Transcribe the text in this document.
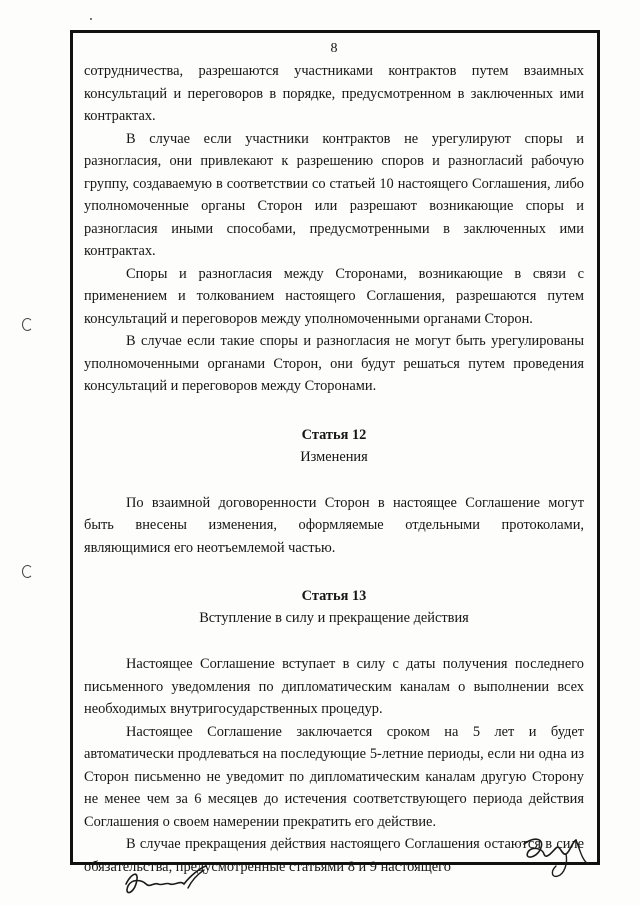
8

сотрудничества, разрешаются участниками контрактов путем взаимных консультаций и переговоров в порядке, предусмотренном в заключенных ими контрактах.

В случае если участники контрактов не урегулируют споры и разногласия, они привлекают к разрешению споров и разногласий рабочую группу, создаваемую в соответствии со статьей 10 настоящего Соглашения, либо уполномоченные органы Сторон или разрешают возникающие споры и разногласия иными способами, предусмотренными в заключенных ими контрактах.

Споры и разногласия между Сторонами, возникающие в связи с применением и толкованием настоящего Соглашения, разрешаются путем консультаций и переговоров между уполномоченными органами Сторон.

В случае если такие споры и разногласия не могут быть урегулированы уполномоченными органами Сторон, они будут решаться путем проведения консультаций и переговоров между Сторонами.

Статья 12
Изменения

По взаимной договоренности Сторон в настоящее Соглашение могут быть внесены изменения, оформляемые отдельными протоколами, являющимися его неотъемлемой частью.

Статья 13
Вступление в силу и прекращение действия

Настоящее Соглашение вступает в силу с даты получения последнего письменного уведомления по дипломатическим каналам о выполнении всех необходимых внутригосударственных процедур.

Настоящее Соглашение заключается сроком на 5 лет и будет автоматически продлеваться на последующие 5-летние периоды, если ни одна из Сторон письменно не уведомит по дипломатическим каналам другую Сторону не менее чем за 6 месяцев до истечения соответствующего периода действия Соглашения о своем намерении прекратить его действие.

В случае прекращения действия настоящего Соглашения остаются в силе обязательства, предусмотренные статьями 8 и 9 настоящего
